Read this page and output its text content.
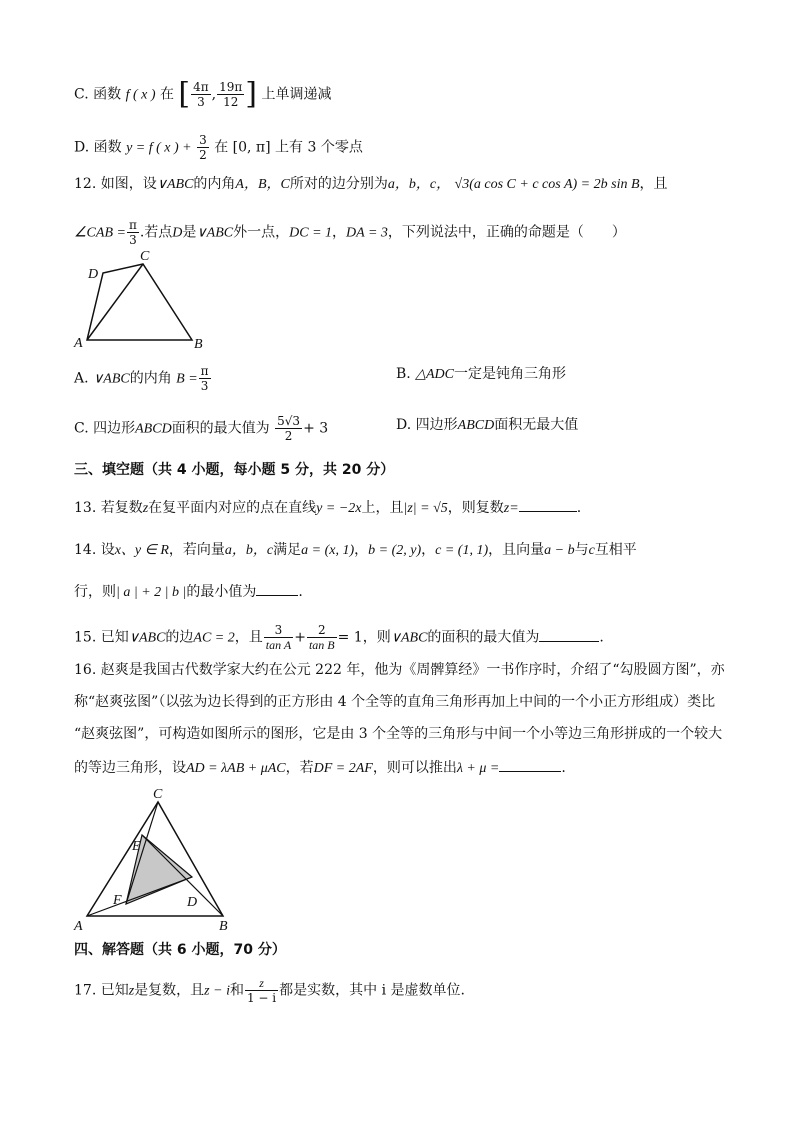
C. 函数 f ( x ) 在 [ $\frac{4\pi}{3}$ , $\frac{19\pi}{12}$ ] 上单调递减
D. 函数 y = f ( x ) + $\frac{3}{2}$ 在 [0, π] 上有 3 个零点
12. 如图，设∨ABC的内角A，B，C所对的边分别为a，b，c， √3(a cos C + c cos A) = 2b sin B，且
∠CAB = $\frac{\pi}{3}$ .若点D是∨ABC外一点，DC = 1，DA = 3，下列说法中，正确的命题是（　　）
A	B
C
D
A. ∨ABC的内角 $B = \frac{\pi}{3}$	B. △ADC一定是钝角三角形
C. 四边形ABCD面积的最大值为 $\frac{5√3}{2} + 3$	D. 四边形ABCD面积无最大值
三、填空题（共 4 小题，每小题 5 分，共 20 分）
13. 若复数z在复平面内对应的点在直线y = −2x上，且|z| = √5，则复数z=	.
14. 设x、y ∈ R，若向量a，b，c满足a = (x, 1)，b = (2, y)，c = (1, 1)，且向量a − b与c互相平
行，则| a | + 2 | b |的最小值为	.
15. 已知∨ABC的边AC = 2，且 $\frac{3}{\text{tan A}} + \frac{2}{\text{tan B}} = 1$，则∨ABC的面积的最大值为	.
16. 赵爽是我国古代数学家大约在公元 222 年，他为《周髀算经》一书作序时，介绍了“勾股圆方图”，亦
称“赵爽弦图”（以弦为边长得到的正方形由 4 个全等的直角三角形再加上中间的一个小正方形组成）类比
“赵爽弦图”，可构造如图所示的图形，它是由 3 个全等的三角形与中间一个小等边三角形拼成的一个较大
的等边三角形，设AD = λAB + μAC，若DF = 2AF，则可以推出λ + μ =	.
A	B
C
D
E
F
四、解答题（共 6 小题，70 分）
17. 已知z是复数，且z − i和 $\frac{z}{1 - i}$ 都是实数，其中 i 是虚数单位.
